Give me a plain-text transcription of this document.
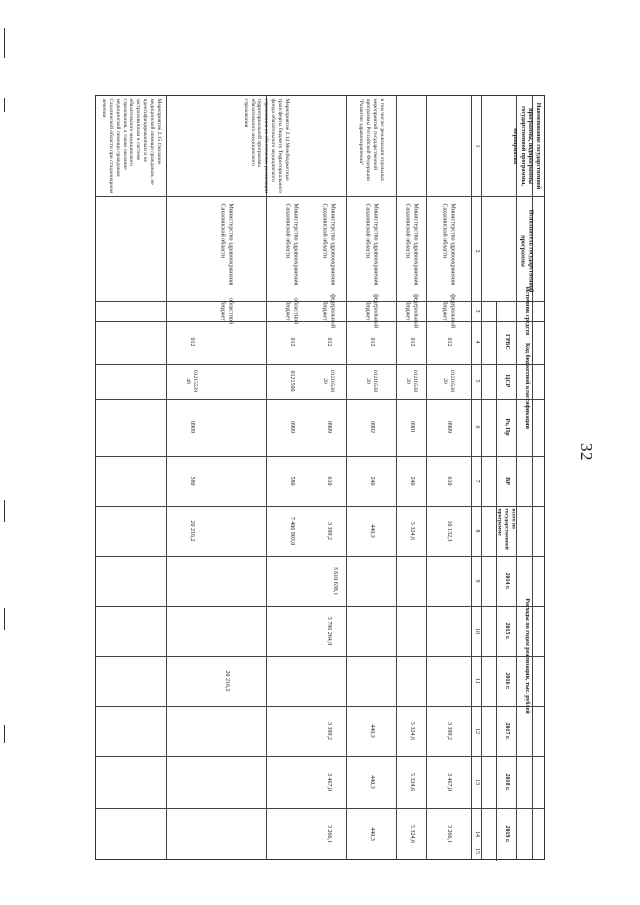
32
Наименование государственной программы, подпрограммы государственной программы, мероприятия
Исполнитель государственной программы
Источник средств
Код бюджетной классификации
ГРБС
ЦСР
Рз, Пр
ВР
Расходы по годам реализации, тыс. рублей
всего по государственной программе
2014 г.
2015 г.
2016 г.
2017 г.
2018 г.
2019 г.
1
2
3
4
5
6
7
8
9
10
11
12
13
14
15
Министерство здравоохранения Сахалинской области
федеральный бюджет
012
01216538 20
0909
610
10 132,3
3 399,2
3 467,0
3 266,1
Министерство здравоохранения Сахалинской области
федеральный бюджет
012
01216538 20
0901
240
5 324,6
5 324,6
5 324,6
5 324,6
в том числе: реализация отдельных мероприятий государственной программы Российской Федерации "Развитие здравоохранения"
Министерство здравоохранения Сахалинской области
федеральный бюджет
012
01216538 20
0902
240
440,3
440,3
440,3
440,3
Министерство здравоохранения Сахалинской области
федеральный бюджет
012
01216538 20
0909
610
3 399,2
3 399,2
3 467,0
3 266,1
Мероприятие 2.14 Межбюджетные трансферты бюджету Территориального фонда обязательного медицинского страхования на обеспечение реализации территориальной программы обязательного медицинского страхования
Министерство здравоохранения Сахалинской области
областной бюджет
012
0121500
0909
580
7 406 903,0
3 610 638,1
3 796 264,9
Мероприятие 2.15 Оказание медицинской помощи гражданам, не идентифицированным и не застрахованным в системе обязательного медицинского страхования, а также оказание медицинской помощи гражданам Сахалинской области при стационарном лечении
Министерство здравоохранения Сахалинской области
областной бюджет
012
01215539 40
0909
580
20 216,2
20 216,2
